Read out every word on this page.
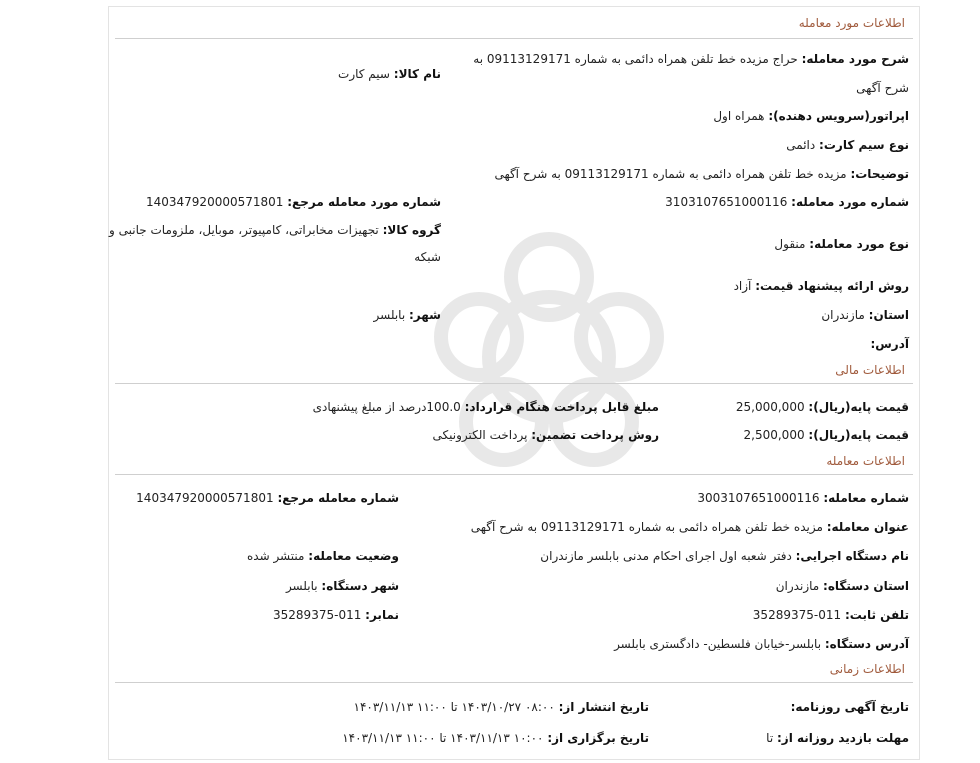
اطلاعات مورد معامله
شرح مورد معامله: حراج مزیده خط تلفن همراه دائمی به شماره 09113129171 به
شرح آگهی
نام کالا: سیم کارت
اپراتور(سرویس دهنده): همراه اول
نوع سیم کارت: دائمی
توضیحات: مزیده خط تلفن همراه دائمی به شماره 09113129171 به شرح آگهی
شماره مورد معامله: 3103107651000116
شماره مورد معامله مرجع: 140347920000571801
گروه کالا: تجهیزات مخابراتی، کامپیوتر، موبایل، ملزومات جانبی و
شبکه
نوع مورد معامله: منقول
روش ارائه پیشنهاد قیمت: آزاد
استان: مازندران
شهر: بابلسر
آدرس:
اطلاعات مالی
قیمت پایه(ریال): 25,000,000
مبلغ قابل پرداخت هنگام قرارداد: 100.0درصد از مبلغ پیشنهادی
قیمت پایه(ریال): 2,500,000
روش پرداخت تضمین: پرداخت الکترونیکی
اطلاعات معامله
شماره معامله: 3003107651000116
شماره معامله مرجع: 140347920000571801
عنوان معامله: مزیده خط تلفن همراه دائمی به شماره 09113129171 به شرح آگهی
نام دستگاه اجرایی: دفتر شعبه اول اجرای احکام مدنی بابلسر مازندران
وضعیت معامله: منتشر شده
استان دستگاه: مازندران
شهر دستگاه: بابلسر
تلفن ثابت: 011-35289375
نمابر: 011-35289375
آدرس دستگاه: بابلسر-خیابان فلسطین- دادگستری بابلسر
اطلاعات زمانی
تاریخ آگهی روزنامه:
تاریخ انتشار از: ۰۸:۰۰ ۱۴۰۳/۱۰/۲۷ تا ۱۱:۰۰ ۱۴۰۳/۱۱/۱۳
مهلت بازدید روزانه از: تا
تاریخ برگزاری از: ۱۰:۰۰ ۱۴۰۳/۱۱/۱۳ تا ۱۱:۰۰ ۱۴۰۳/۱۱/۱۳
